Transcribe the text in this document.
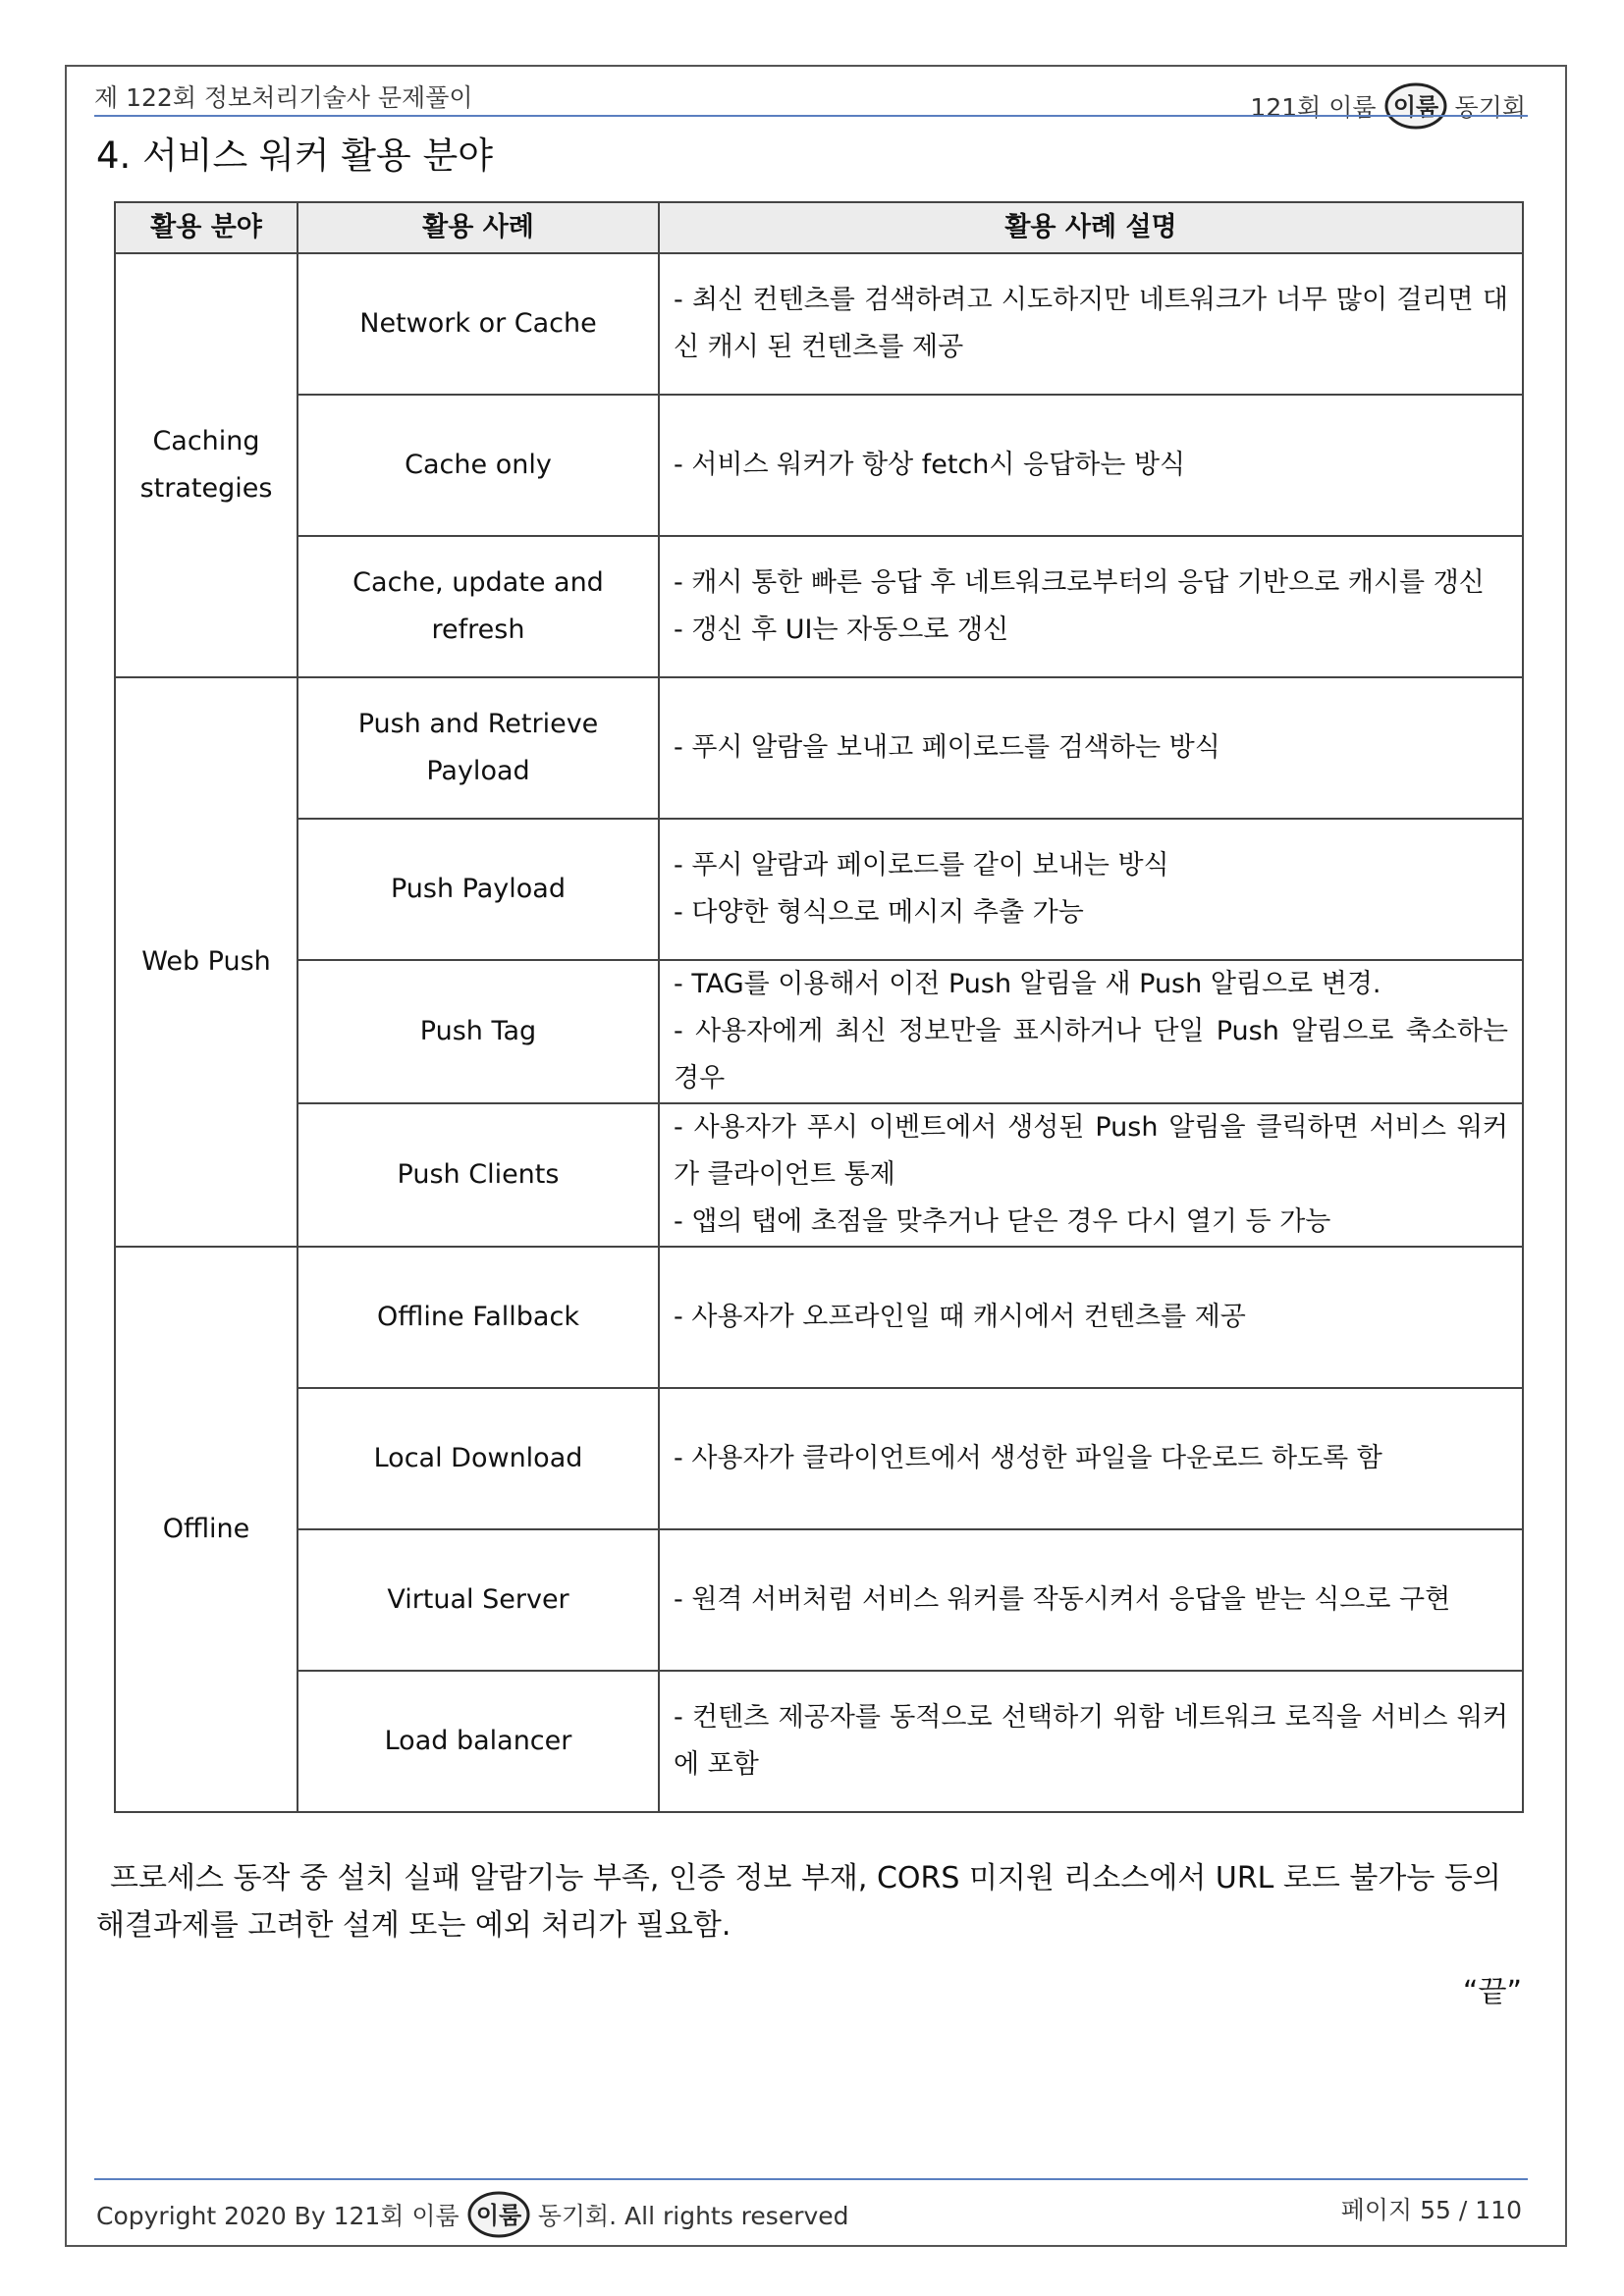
제 122회 정보처리기술사 문제풀이	121회 이룸 이룸 동기회
4. 서비스 워커 활용 분야
활용 분야	활용 사례	활용 사례 설명
Caching strategies	Network or Cache	- 최신 컨텐츠를 검색하려고 시도하지만 네트워크가 너무 많이 걸리면 대신 캐시 된 컨텐츠를 제공

	Cache only	- 서비스 워커가 항상 fetch시 응답하는 방식

	Cache, update and refresh	- 캐시 통한 빠른 응답 후 네트워크로부터의 응답 기반으로 캐시를 갱신
- 갱신 후 UI는 자동으로 갱신

Web Push	Push and Retrieve Payload	- 푸시 알람을 보내고 페이로드를 검색하는 방식

	Push Payload	- 푸시 알람과 페이로드를 같이 보내는 방식
- 다양한 형식으로 메시지 추출 가능

	Push Tag	- TAG를 이용해서 이전 Push 알림을 새 Push 알림으로 변경.
- 사용자에게 최신 정보만을 표시하거나 단일 Push 알림으로 축소하는 경우

	Push Clients	- 사용자가 푸시 이벤트에서 생성된 Push 알림을 클릭하면 서비스 워커가 클라이언트 통제
- 앱의 탭에 초점을 맞추거나 닫은 경우 다시 열기 등 가능

Offline	Offline Fallback	- 사용자가 오프라인일 때 캐시에서 컨텐츠를 제공

	Local Download	- 사용자가 클라이언트에서 생성한 파일을 다운로드 하도록 함

	Virtual Server	- 원격 서버처럼 서비스 워커를 작동시켜서 응답을 받는 식으로 구현

	Load balancer	- 컨텐츠 제공자를 동적으로 선택하기 위함 네트워크 로직을 서비스 워커에 포함
프로세스 동작 중 설치 실패 알람기능 부족, 인증 정보 부재, CORS 미지원 리소스에서 URL 로드 불가능 등의 해결과제를 고려한 설계 또는 예외 처리가 필요함.
“끝”
Copyright 2020 By 121회 이룸 이룸 동기회. All rights reserved	페이지 55 / 110
